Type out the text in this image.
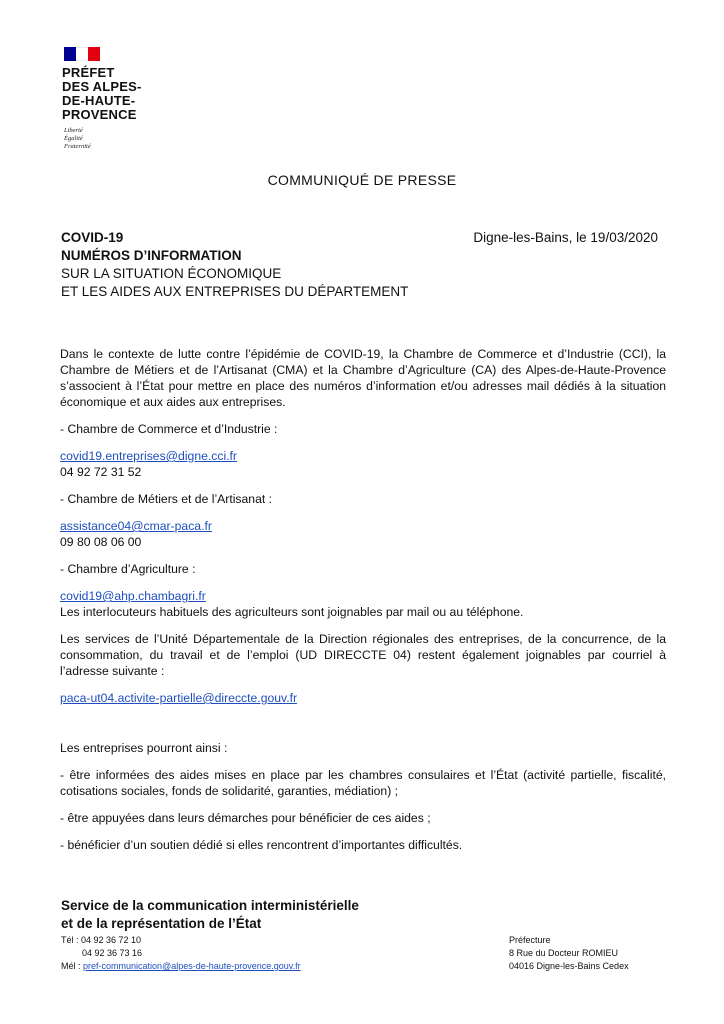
PRÉFET
DES ALPES-
DE-HAUTE-
PROVENCE
Liberté
Égalité
Fraternité
COMMUNIQUÉ DE PRESSE
COVID-19
NUMÉROS D’INFORMATION
SUR LA SITUATION ÉCONOMIQUE
ET LES AIDES AUX ENTREPRISES DU DÉPARTEMENT
Digne-les-Bains, le 19/03/2020

Dans le contexte de lutte contre l’épidémie de COVID-19, la Chambre de Commerce et d’Industrie (CCI), la Chambre de Métiers et de l’Artisanat (CMA) et la Chambre d’Agriculture (CA) des Alpes-de-Haute-Provence s’associent à l’État pour mettre en place des numéros d’information et/ou adresses mail dédiés à la situation économique et aux aides aux entreprises.

- Chambre de Commerce et d’Industrie :

covid19.entreprises@digne.cci.fr
04 92 72 31 52

- Chambre de Métiers et de l’Artisanat :

assistance04@cmar-paca.fr
09 80 08 06 00

- Chambre d’Agriculture :

covid19@ahp.chambagri.fr
Les interlocuteurs habituels des agriculteurs sont joignables par mail ou au téléphone.

Les services de l’Unité Départementale de la Direction régionales des entreprises, de la concurrence, de la consommation, du travail et de l’emploi (UD DIRECCTE 04) restent également joignables par courriel à l’adresse suivante :

paca-ut04.activite-partielle@direccte.gouv.fr

Les entreprises pourront ainsi :

- être informées des aides mises en place par les chambres consulaires et l’État (activité partielle, fiscalité, cotisations sociales, fonds de solidarité, garanties, médiation) ;

- être appuyées dans leurs démarches pour bénéficier de ces aides ;

- bénéficier d’un soutien dédié si elles rencontrent d’importantes difficultés.

Service de la communication interministérielle
et de la représentation de l’État
Tél : 04 92 36 72 10
04 92 36 73 16
Mél : pref-communication@alpes-de-haute-provence.gouv.fr
Préfecture
8 Rue du Docteur ROMIEU
04016 Digne-les-Bains Cedex
